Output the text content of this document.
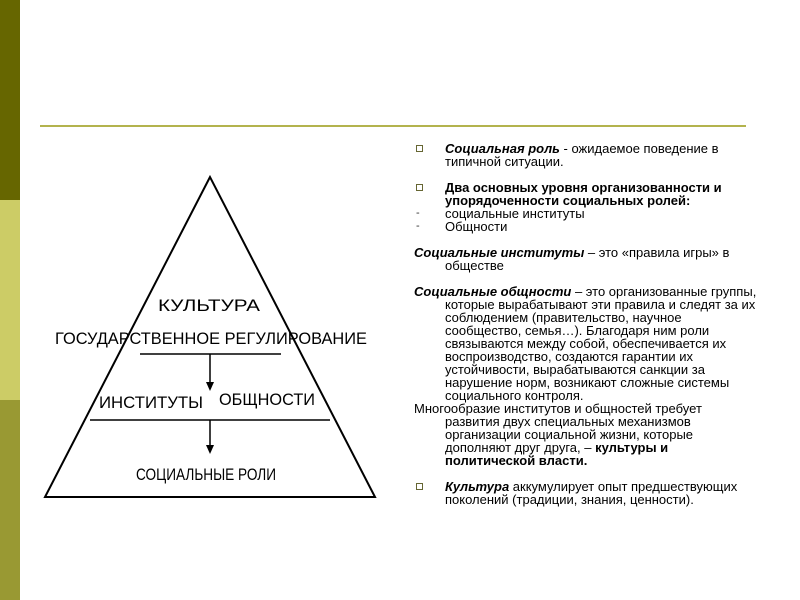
КУЛЬТУРА
ГОСУДАРСТВЕННОЕ РЕГУЛИРОВАНИЕ
ИНСТИТУТЫ ОБЩНОСТИ
СОЦИАЛЬНЫЕ РОЛИ
Социальная роль - ожидаемое поведение в типичной ситуации.
Два основных уровня организованности и упорядоченности социальных ролей:
- социальные институты
- Общности
Социальные институты – это «правила игры» в обществе
Социальные общности – это организованные группы, которые вырабатывают эти правила и следят за их соблюдением (правительство, научное сообщество, семья…). Благодаря ним роли связываются между собой, обеспечивается их воспроизводство, создаются гарантии их устойчивости, вырабатываются санкции за нарушение норм, возникают сложные системы социального контроля.
Многообразие институтов и общностей требует развития двух специальных механизмов организации социальной жизни, которые дополняют друг друга, – культуры и политической власти.
Культура аккумулирует опыт предшествующих поколений (традиции, знания, ценности).
